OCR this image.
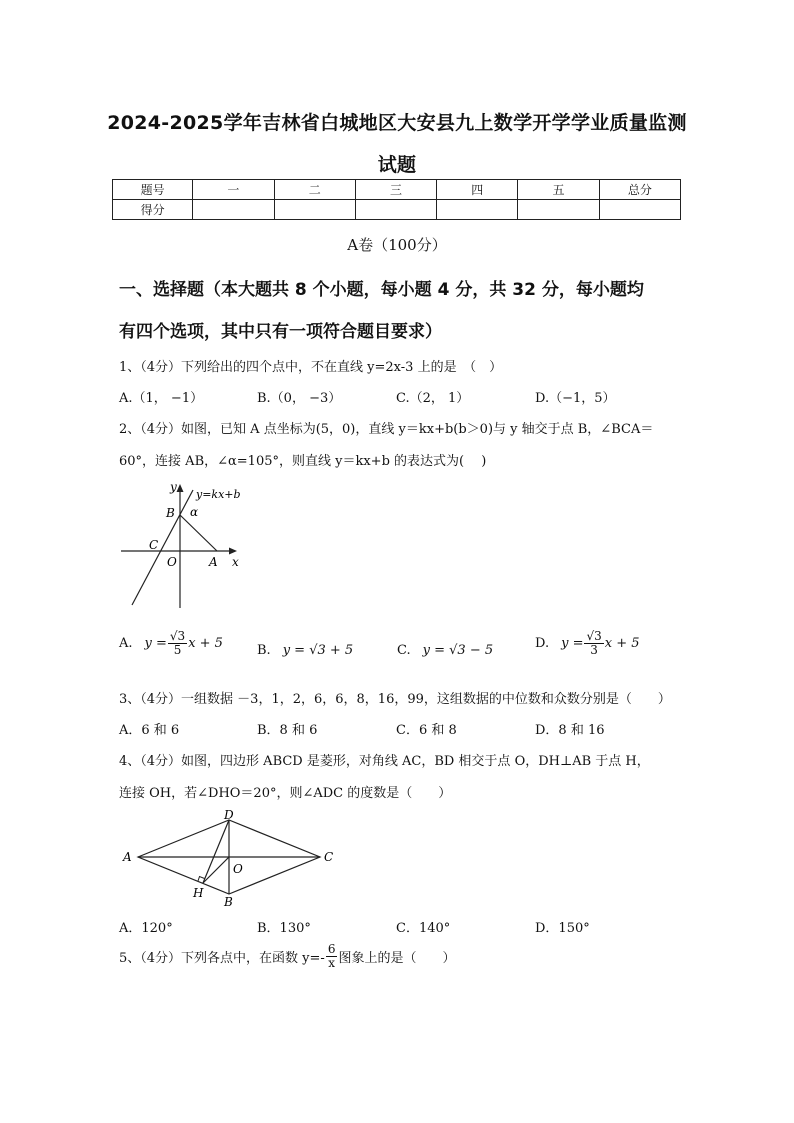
2024-2025学年吉林省白城地区大安县九上数学开学学业质量监测
试题
题号	一	二	三	四	五	总分
得分						
A卷（100分）
一、选择题（本大题共 8 个小题，每小题 4 分，共 32 分，每小题均
有四个选项，其中只有一项符合题目要求）
1、（4分）下列给出的四个点中，不在直线 y=2x-3 上的是　（　）
A.（1， −1）	B.（0， −3）	C.（2， 1）	D.（−1，5）
2、（4分）如图，已知 A 点坐标为(5，0)，直线 y＝kx+b(b＞0)与 y 轴交于点 B，∠BCA＝
60°，连接 AB，∠α=105°，则直线 y＝kx+b 的表达式为(　 )
y
y=kx+b
B α
C
O	A x
A. $y = \frac{√3}{5}$ x + 5	B. y = √3 + 5	C. y = √3 − 5	D. $y = \frac{√3}{3}$ x + 5
3、（4分）一组数据 －3，1，2，6，6，8，16，99，这组数据的中位数和众数分别是（　　）
A．6 和 6	B．8 和 6	C．6 和 8	D．8 和 16
4、（4分）如图，四边形 ABCD 是菱形，对角线 AC，BD 相交于点 O，DH⊥AB 于点 H，
连接 OH，若∠DHO＝20°，则∠ADC 的度数是（　　）
D
A	C
O
H
B
A．120°	B．130°	C．140°	D．150°
5、（4分）下列各点中，在函数 $y=- \frac{6}{x}$ 图象上的是（　　）
